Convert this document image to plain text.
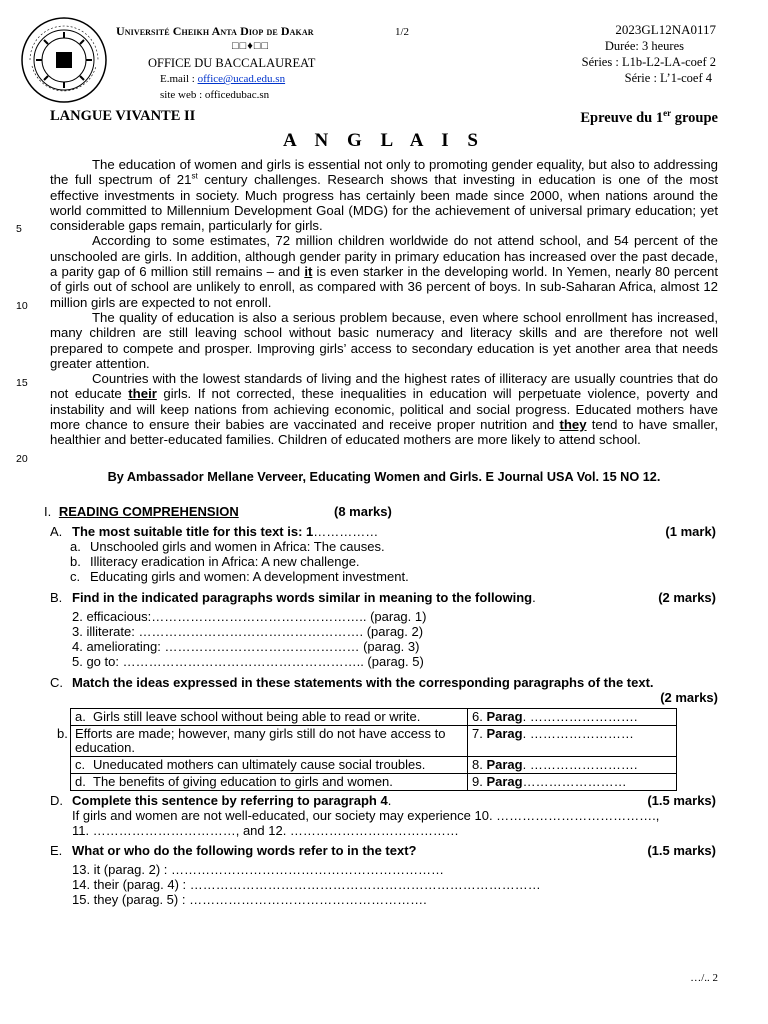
Université Cheikh Anta Diop de Dakar	1/2
□□♦□□
OFFICE DU BACCALAUREAT
E.mail : office@ucad.edu.sn
site web : officedubac.sn
2023GL12NA0117
Durée: 3 heures
Séries : L1b-L2-LA-coef 2
Série : L’1-coef 4
LANGUE VIVANTE II	Epreuve du 1er groupe
A N G L A I S

The education of women and girls is essential not only to promoting gender equality, but also to addressing the full spectrum of 21st century challenges. Research shows that investing in education is one of the most effective investments in society. Much progress has certainly been made since 2000, when nations around the world committed to Millennium Development Goal (MDG) for the achievement of universal primary education; yet considerable gaps remain, particularly for girls.

According to some estimates, 72 million children worldwide do not attend school, and 54 percent of the unschooled are girls. In addition, although gender parity in primary education has increased over the past decade, a parity gap of 6 million still remains – and it is even starker in the developing world. In Yemen, nearly 80 percent of girls out of school are unlikely to enroll, as compared with 36 percent of boys. In sub-Saharan Africa, almost 12 million girls are expected to not enroll.

The quality of education is also a serious problem because, even where school enrollment has increased, many children are still leaving school without basic numeracy and literacy skills and are therefore not well prepared to compete and prosper. Improving girls’ access to secondary education is yet another area that needs greater attention.

Countries with the lowest standards of living and the highest rates of illiteracy are usually countries that do not educate their girls. If not corrected, these inequalities in education will perpetuate violence, poverty and instability and will keep nations from achieving economic, political and social progress. Educated mothers have more chance to ensure their babies are vaccinated and receive proper nutrition and they tend to have smaller, healthier and better-educated families. Children of educated mothers are more likely to attend school.

5
10
15
20
By Ambassador Mellane Verveer, Educating Women and Girls. E Journal USA Vol. 15 NO 12.
I. READING COMPREHENSION	(8 marks)
A. The most suitable title for this text is: 1……………	(1 mark)
a. Unschooled girls and women in Africa: The causes.
b. Illiteracy eradication in Africa: A new challenge.
c. Educating girls and women: A development investment.
B. Find in the indicated paragraphs words similar in meaning to the following.	(2 marks)
2. efficacious:………………………………………….. (parag. 1)
3. illiterate: ……………………………………………. (parag. 2)
4. ameliorating: ……………………………………… (parag. 3)
5. go to: ……………………………………………….. (parag. 5)
C. Match the ideas expressed in these statements with the corresponding paragraphs of the text.
(2 marks)
a. Girls still leave school without being able to read or write.	6. Parag. …………………….
b. Efforts are made; however, many girls still do not have access to education.	7. Parag. ……………………
c. Uneducated mothers can ultimately cause social troubles.	8. Parag. …………………….
d. The benefits of giving education to girls and women.	9. Parag……………………
D. Complete this sentence by referring to paragraph 4.	(1.5 marks)
If girls and women are not well-educated, our society may experience 10. ……………………………….,
11. ……………………………, and 12. …………………………………
E. What or who do the following words refer to in the text?	(1.5 marks)
13. it (parag. 2) : ………………………………………………………
14. their (parag. 4) : ………………………………………………………………………
15. they (parag. 5) : ……………………………………………….
…/.. 2
